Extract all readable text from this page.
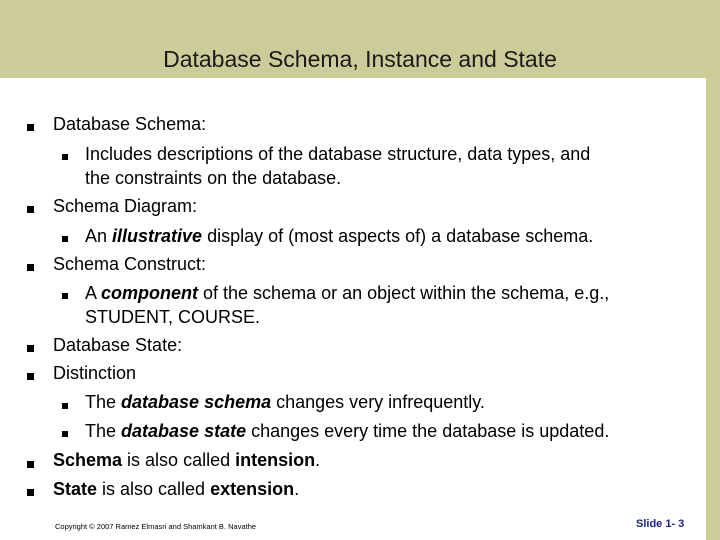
Database Schema, Instance and State
Database Schema:
Includes descriptions of the database structure, data types, and
the constraints on the database.
Schema Diagram:
An illustrative display of (most aspects of) a database schema.
Schema Construct:
A component of the schema or an object within the schema, e.g.,
STUDENT, COURSE.
Database State:
Distinction
The database schema changes very infrequently.
The database state changes every time the database is updated.
Schema is also called intension.
State is also called extension.
Copyright © 2007 Ramez Elmasri and Shamkant B. Navathe	Slide 1- 3
